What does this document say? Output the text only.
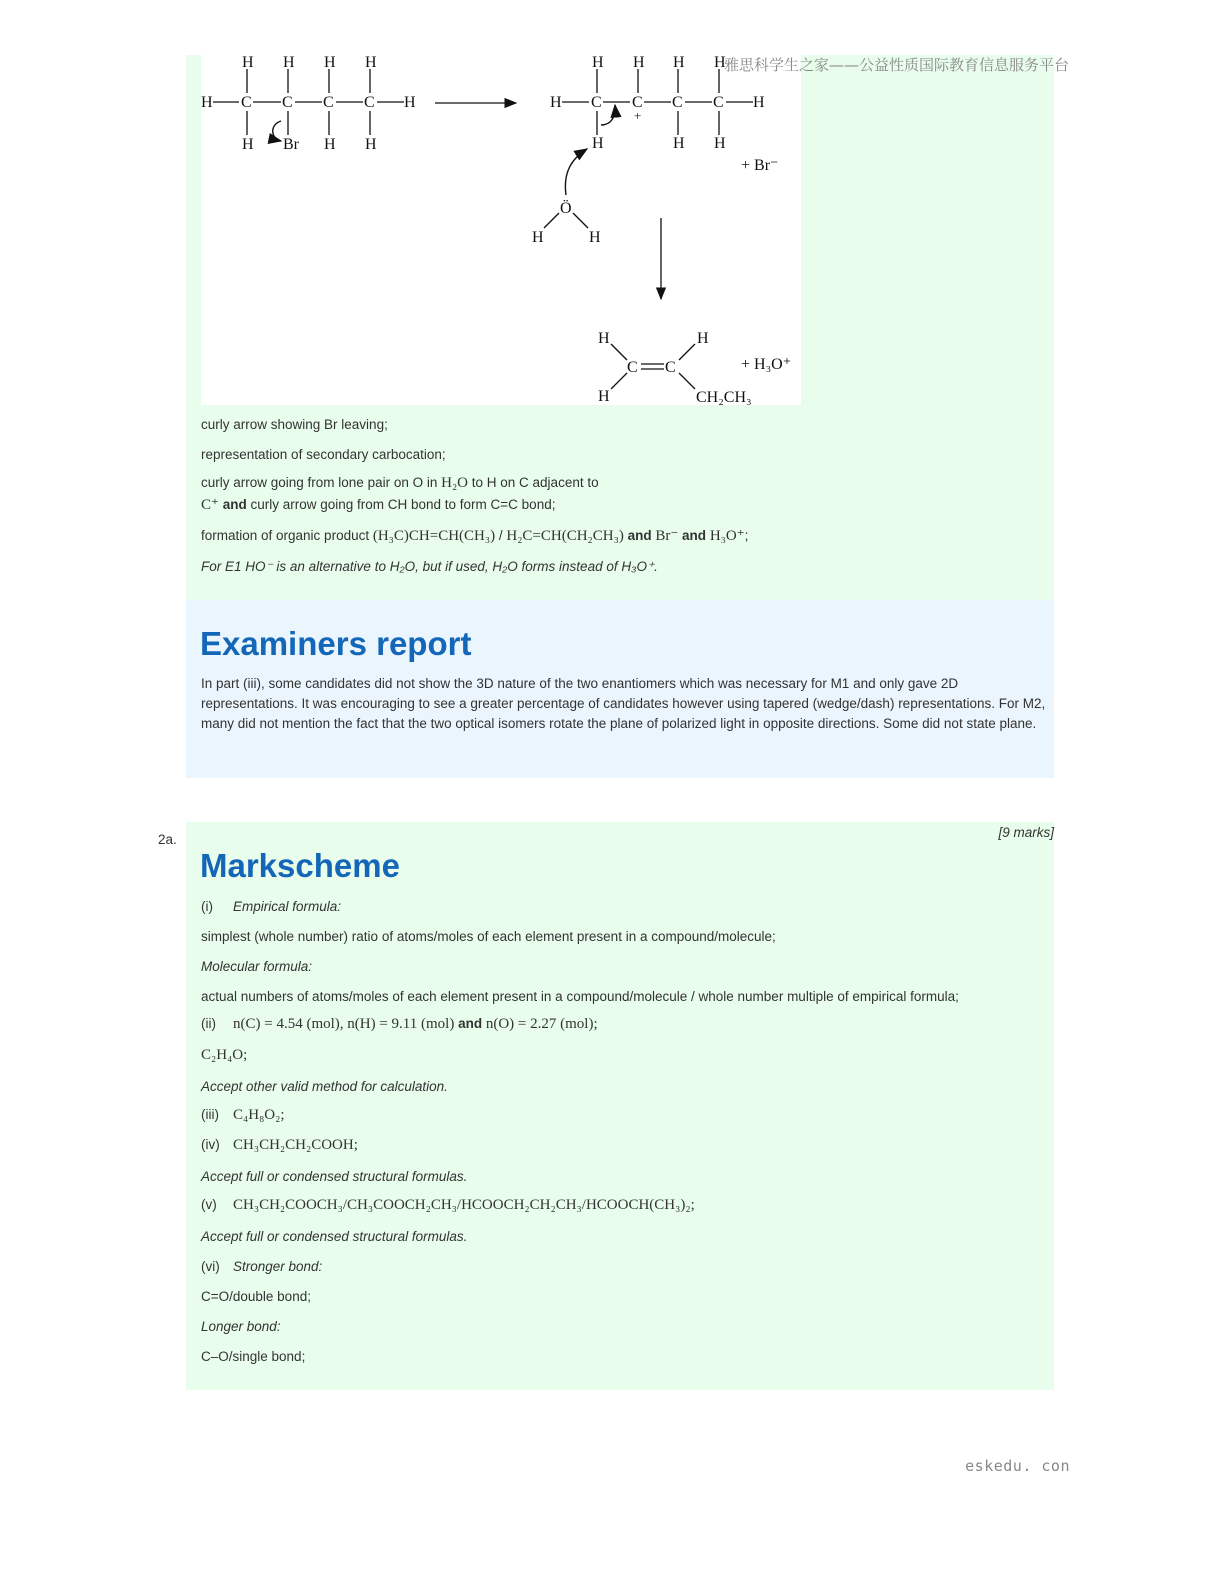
雅思科学生之家——公益性质国际教育信息服务平台
H C C C C H
H H H H
H Br H H
H C C C C H
H H H H
H	H H
+
+ Br⁻
Ö
H	H
H	H
C C
H	CH₂CH₃
+ H₃O⁺
curly arrow showing Br leaving;
representation of secondary carbocation;
curly arrow going from lone pair on O in H₂O to H on C adjacent to
C⁺ and curly arrow going from CH bond to form C=C bond;
formation of organic product (H₃C)CH=CH(CH₃) / H₂C=CH(CH₂CH₃) and Br⁻ and H₃O⁺;
For E1 HO⁻ is an alternative to H₂O, but if used, H₂O forms instead of H₃O⁺.
Examiners report

In part (iii), some candidates did not show the 3D nature of the two enantiomers which was necessary for M1 and only gave 2D representations. It was encouraging to see a greater percentage of candidates however using tapered (wedge/dash) representations. For M2, many did not mention the fact that the two optical isomers rotate the plane of polarized light in opposite directions. Some did not state plane.

2a.	[9 marks]
Markscheme
(i) Empirical formula:
simplest (whole number) ratio of atoms/moles of each element present in a compound/molecule;
Molecular formula:
actual numbers of atoms/moles of each element present in a compound/molecule / whole number multiple of empirical formula;
(ii) n(C) = 4.54 (mol), n(H) = 9.11 (mol) and n(O) = 2.27 (mol);
C₂H₄O;
Accept other valid method for calculation.
(iii) C₄H₈O₂;
(iv) CH₃CH₂CH₂COOH;
Accept full or condensed structural formulas.
(v) CH₃CH₂COOCH₃/CH₃COOCH₂CH₃/HCOOCH₂CH₂CH₃/HCOOCH(CH₃)₂;
Accept full or condensed structural formulas.
(vi) Stronger bond:
C=O/double bond;
Longer bond:
C–O/single bond;
eskedu. con
